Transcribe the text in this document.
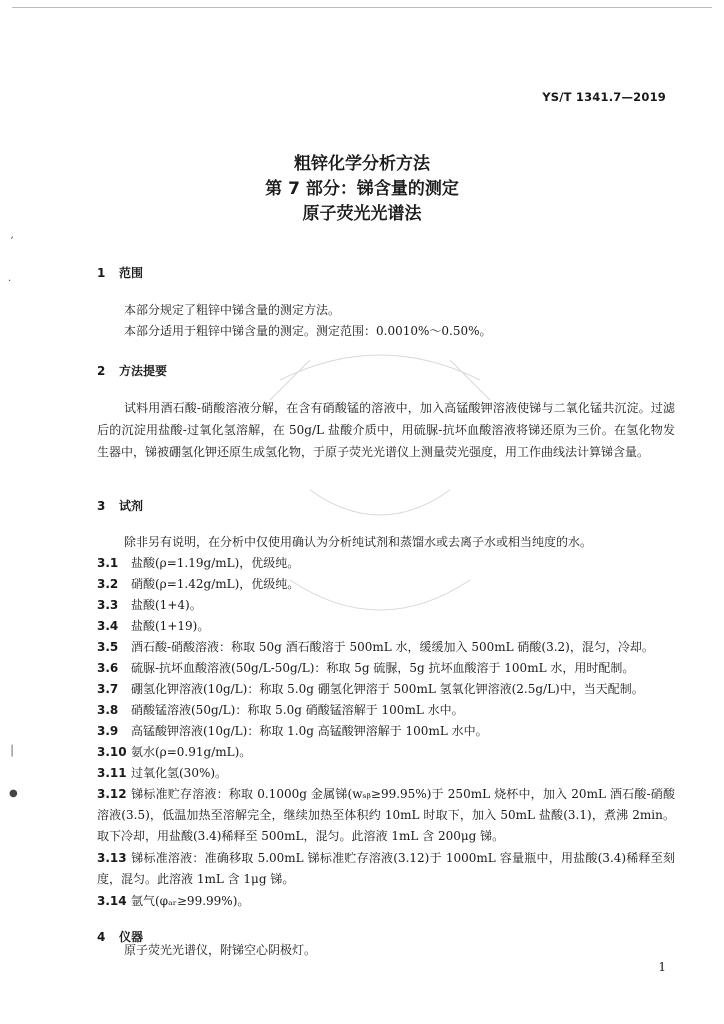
YS/T 1341.7—2019
粗锌化学分析方法
第 7 部分：锑含量的测定
原子荧光光谱法
ʼ
·
│
●
1 范围
本部分规定了粗锌中锑含量的测定方法。
本部分适用于粗锌中锑含量的测定。测定范围：0.0010%～0.50%。
2 方法提要
试料用酒石酸-硝酸溶液分解，在含有硝酸锰的溶液中，加入高锰酸钾溶液使锑与二氧化锰共沉淀。过滤后的沉淀用盐酸-过氧化氢溶解，在 50g/L 盐酸介质中，用硫脲-抗坏血酸溶液将锑还原为三价。在氢化物发生器中，锑被硼氢化钾还原生成氢化物，于原子荧光光谱仪上测量荧光强度，用工作曲线法计算锑含量。
3 试剂
除非另有说明，在分析中仅使用确认为分析纯试剂和蒸馏水或去离子水或相当纯度的水。
3.1 盐酸(ρ=1.19g/mL)，优级纯。
3.2 硝酸(ρ=1.42g/mL)，优级纯。
3.3 盐酸(1+4)。
3.4 盐酸(1+19)。
3.5 酒石酸-硝酸溶液：称取 50g 酒石酸溶于 500mL 水，缓缓加入 500mL 硝酸(3.2)，混匀，冷却。
3.6 硫脲-抗坏血酸溶液(50g/L-50g/L)：称取 5g 硫脲，5g 抗坏血酸溶于 100mL 水，用时配制。
3.7 硼氢化钾溶液(10g/L)：称取 5.0g 硼氢化钾溶于 500mL 氢氧化钾溶液(2.5g/L)中，当天配制。
3.8 硝酸锰溶液(50g/L)：称取 5.0g 硝酸锰溶解于 100mL 水中。
3.9 高锰酸钾溶液(10g/L)：称取 1.0g 高锰酸钾溶解于 100mL 水中。
3.10 氨水(ρ=0.91g/mL)。
3.11 过氧化氢(30%)。
3.12 锑标准贮存溶液：称取 0.1000g 金属锑(wₛᵦ≥99.95%)于 250mL 烧杯中，加入 20mL 酒石酸-硝酸溶液(3.5)，低温加热至溶解完全，继续加热至体积约 10mL 时取下，加入 50mL 盐酸(3.1)，煮沸 2min。取下冷却，用盐酸(3.4)稀释至 500mL，混匀。此溶液 1mL 含 200μg 锑。
3.13 锑标准溶液：准确移取 5.00mL 锑标准贮存溶液(3.12)于 1000mL 容量瓶中，用盐酸(3.4)稀释至刻度，混匀。此溶液 1mL 含 1μg 锑。
3.14 氩气(φₐᵣ≥99.99%)。
4 仪器
原子荧光光谱仪，附锑空心阴极灯。
1
